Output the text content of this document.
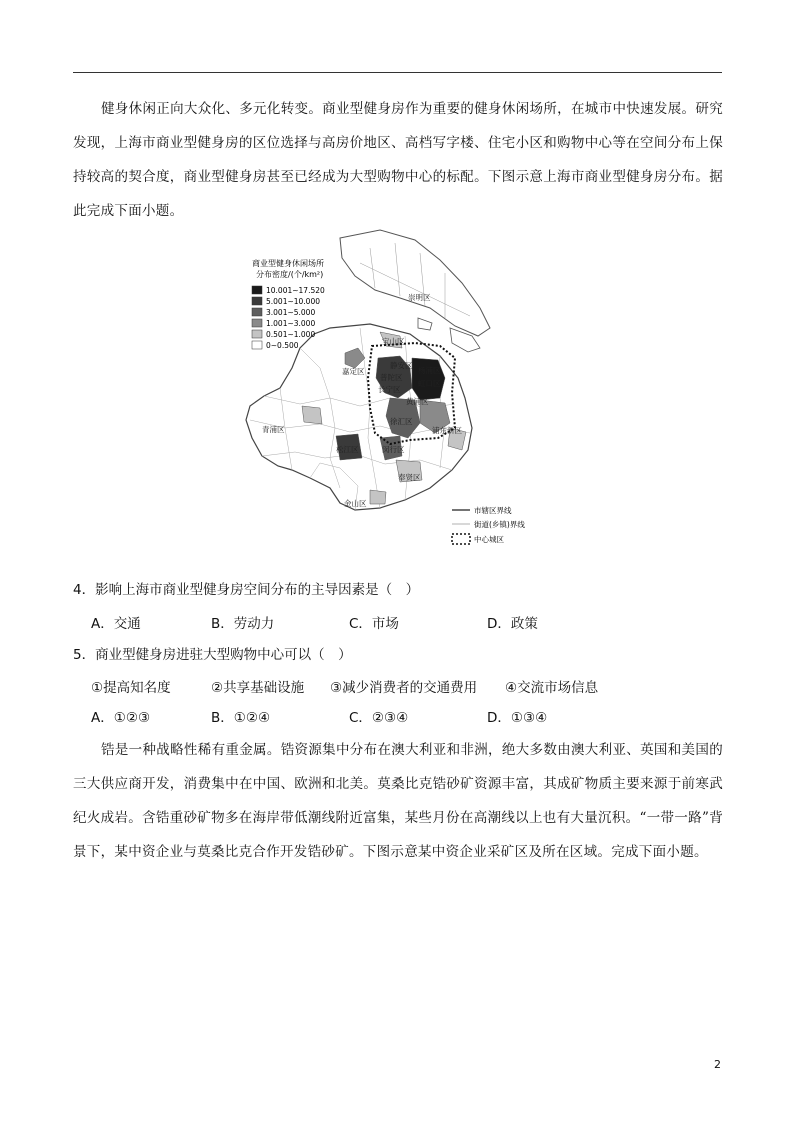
健身休闲正向大众化、多元化转变。商业型健身房作为重要的健身休闲场所，在城市中快速发展。研究发现，上海市商业型健身房的区位选择与高房价地区、高档写字楼、住宅小区和购物中心等在空间分布上保持较高的契合度，商业型健身房甚至已经成为大型购物中心的标配。下图示意上海市商业型健身房分布。据此完成下面小题。
商业型健身休闲场所
分布密度/(个/km²)
10.001~17.520
5.001~10.000
3.001~5.000
1.001~3.000
0.501~1.000
0~0.500
崇明区
宝山区
嘉定区
普陀区
杨浦区
虹口区
长宁区
静安区
黄浦区
徐汇区
青浦区
闵行区
松江区
浦东新区
奉贤区
金山区
市辖区界线
街道(乡镇)界线
中心城区
4．影响上海市商业型健身房空间分布的主导因素是（　）
A．交通	B．劳动力	C．市场	D．政策
5．商业型健身房进驻大型购物中心可以（　）
①提高知名度	②共享基础设施 ③减少消费者的交通费用 ④交流市场信息
A．①②③	B．①②④	C．②③④	D．①③④
锆是一种战略性稀有重金属。锆资源集中分布在澳大利亚和非洲，绝大多数由澳大利亚、英国和美国的三大供应商开发，消费集中在中国、欧洲和北美。莫桑比克锆砂矿资源丰富，其成矿物质主要来源于前寒武纪火成岩。含锆重砂矿物多在海岸带低潮线附近富集，某些月份在高潮线以上也有大量沉积。“一带一路”背景下，某中资企业与莫桑比克合作开发锆砂矿。下图示意某中资企业采矿区及所在区域。完成下面小题。
2
